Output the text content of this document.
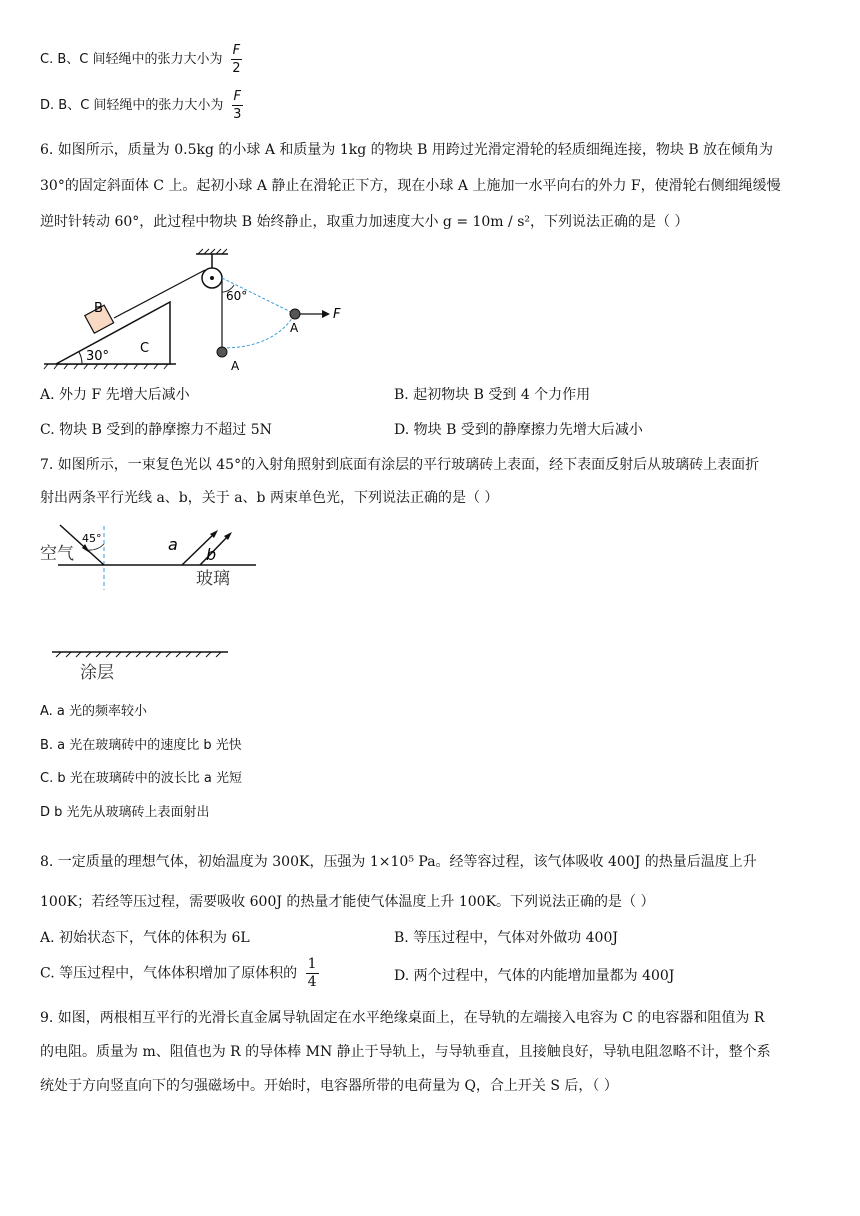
C. B、C 间轻绳中的张力大小为 $\frac{F}{2}$
D. B、C 间轻绳中的张力大小为 $\frac{F}{3}$
6. 如图所示，质量为 0.5kg 的小球 A 和质量为 1kg 的物块 B 用跨过光滑定滑轮的轻质细绳连接，物块 B 放在倾角为
30°的固定斜面体 C 上。起初小球 A 静止在滑轮正下方，现在小球 A 上施加一水平向右的外力 F，使滑轮右侧细绳缓慢
逆时针转动 60°，此过程中物块 B 始终静止，取重力加速度大小 g = 10m / s²，下列说法正确的是（ ）
B
C
30°
60°
A
A
F
A. 外力 F 先增大后减小	B. 起初物块 B 受到 4 个力作用
C. 物块 B 受到的静摩擦力不超过 5N	D. 物块 B 受到的静摩擦力先增大后减小
7. 如图所示，一束复色光以 45°的入射角照射到底面有涂层的平行玻璃砖上表面，经下表面反射后从玻璃砖上表面折
射出两条平行光线 a、b，关于 a、b 两束单色光，下列说法正确的是（ ）
空气
45°	a
b
玻璃
涂层
A. a 光的频率较小
B. a 光在玻璃砖中的速度比 b 光快
C. b 光在玻璃砖中的波长比 a 光短
D b 光先从玻璃砖上表面射出
8. 一定质量的理想气体，初始温度为 300K，压强为 1×10⁵ Pa。经等容过程，该气体吸收 400J 的热量后温度上升
100K；若经等压过程，需要吸收 600J 的热量才能使气体温度上升 100K。下列说法正确的是（ ）
A. 初始状态下，气体的体积为 6L	B. 等压过程中，气体对外做功 400J
C. 等压过程中，气体体积增加了原体积的 $\frac{1}{4}$	D. 两个过程中，气体的内能增加量都为 400J
9. 如图，两根相互平行的光滑长直金属导轨固定在水平绝缘桌面上，在导轨的左端接入电容为 C 的电容器和阻值为 R
的电阻。质量为 m、阻值也为 R 的导体棒 MN 静止于导轨上，与导轨垂直，且接触良好，导轨电阻忽略不计，整个系
统处于方向竖直向下的匀强磁场中。开始时，电容器所带的电荷量为 Q，合上开关 S 后，（ ）
